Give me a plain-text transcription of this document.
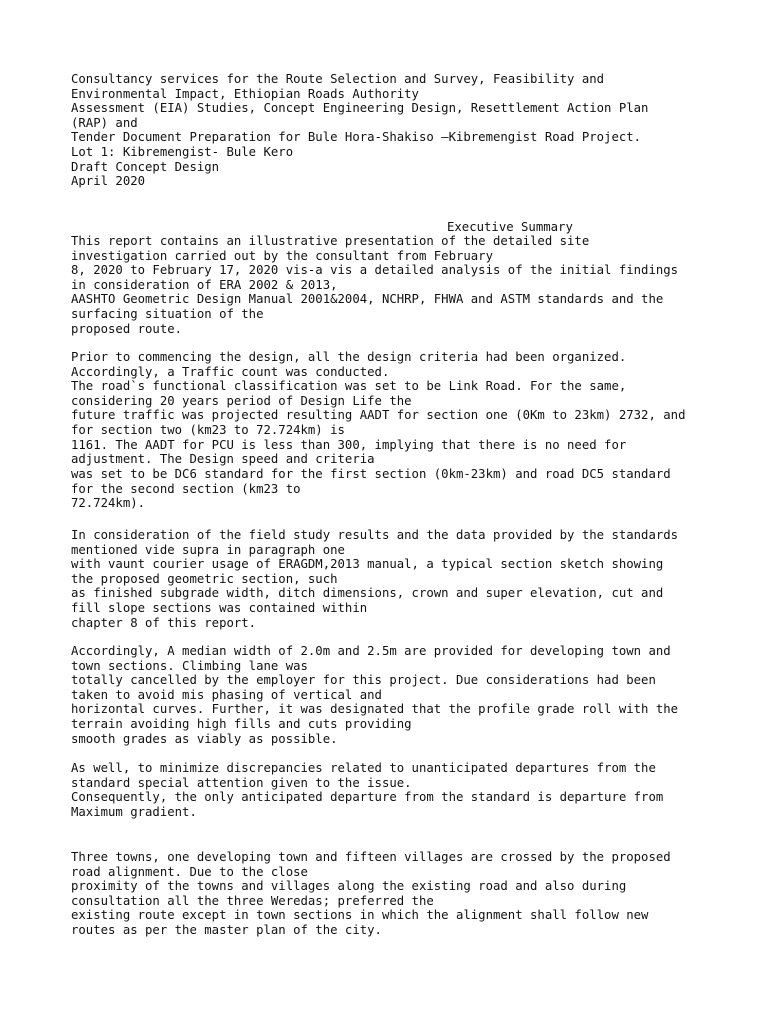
Consultancy services for the Route Selection and Survey, Feasibility and
Environmental Impact, Ethiopian Roads Authority
Assessment (EIA) Studies, Concept Engineering Design, Resettlement Action Plan
(RAP) and
Tender Document Preparation for Bule Hora-Shakiso –Kibremengist Road Project.
Lot 1: Kibremengist- Bule Kero
Draft Concept Design
April 2020
Executive Summary
This report contains an illustrative presentation of the detailed site
investigation carried out by the consultant from February
8, 2020 to February 17, 2020 vis-a vis a detailed analysis of the initial findings
in consideration of ERA 2002 & 2013,
AASHTO Geometric Design Manual 2001&2004, NCHRP, FHWA and ASTM standards and the
surfacing situation of the
proposed route.
Prior to commencing the design, all the design criteria had been organized.
Accordingly, a Traffic count was conducted.
The road`s functional classification was set to be Link Road. For the same,
considering 20 years period of Design Life the
future traffic was projected resulting AADT for section one (0Km to 23km) 2732, and
for section two (km23 to 72.724km) is
1161. The AADT for PCU is less than 300, implying that there is no need for
adjustment. The Design speed and criteria
was set to be DC6 standard for the first section (0km-23km) and road DC5 standard
for the second section (km23 to
72.724km).
In consideration of the field study results and the data provided by the standards
mentioned vide supra in paragraph one
with vaunt courier usage of ERAGDM,2013 manual, a typical section sketch showing
the proposed geometric section, such
as finished subgrade width, ditch dimensions, crown and super elevation, cut and
fill slope sections was contained within
chapter 8 of this report.
Accordingly, A median width of 2.0m and 2.5m are provided for developing town and
town sections. Climbing lane was
totally cancelled by the employer for this project. Due considerations had been
taken to avoid mis phasing of vertical and
horizontal curves. Further, it was designated that the profile grade roll with the
terrain avoiding high fills and cuts providing
smooth grades as viably as possible.
As well, to minimize discrepancies related to unanticipated departures from the
standard special attention given to the issue.
Consequently, the only anticipated departure from the standard is departure from
Maximum gradient.
Three towns, one developing town and fifteen villages are crossed by the proposed
road alignment. Due to the close
proximity of the towns and villages along the existing road and also during
consultation all the three Weredas; preferred the
existing route except in town sections in which the alignment shall follow new
routes as per the master plan of the city.
